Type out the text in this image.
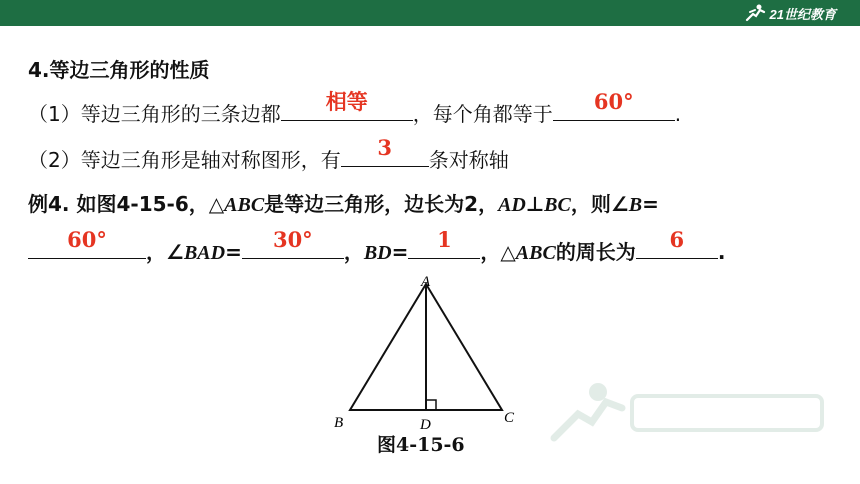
21世纪教育
4.等边三角形的性质
（1）等边三角形的三条边都	相等	，每个角都等于	60°	.
（2）等边三角形是轴对称图形，有	3	条对称轴
例4. 如图4-15-6，△ABC是等边三角形，边长为2，AD⊥BC，则∠B=
60°	，∠BAD=	30°	，BD=	1	，△ABC的周长为	6	.
A
B	C
D
图4-15-6
